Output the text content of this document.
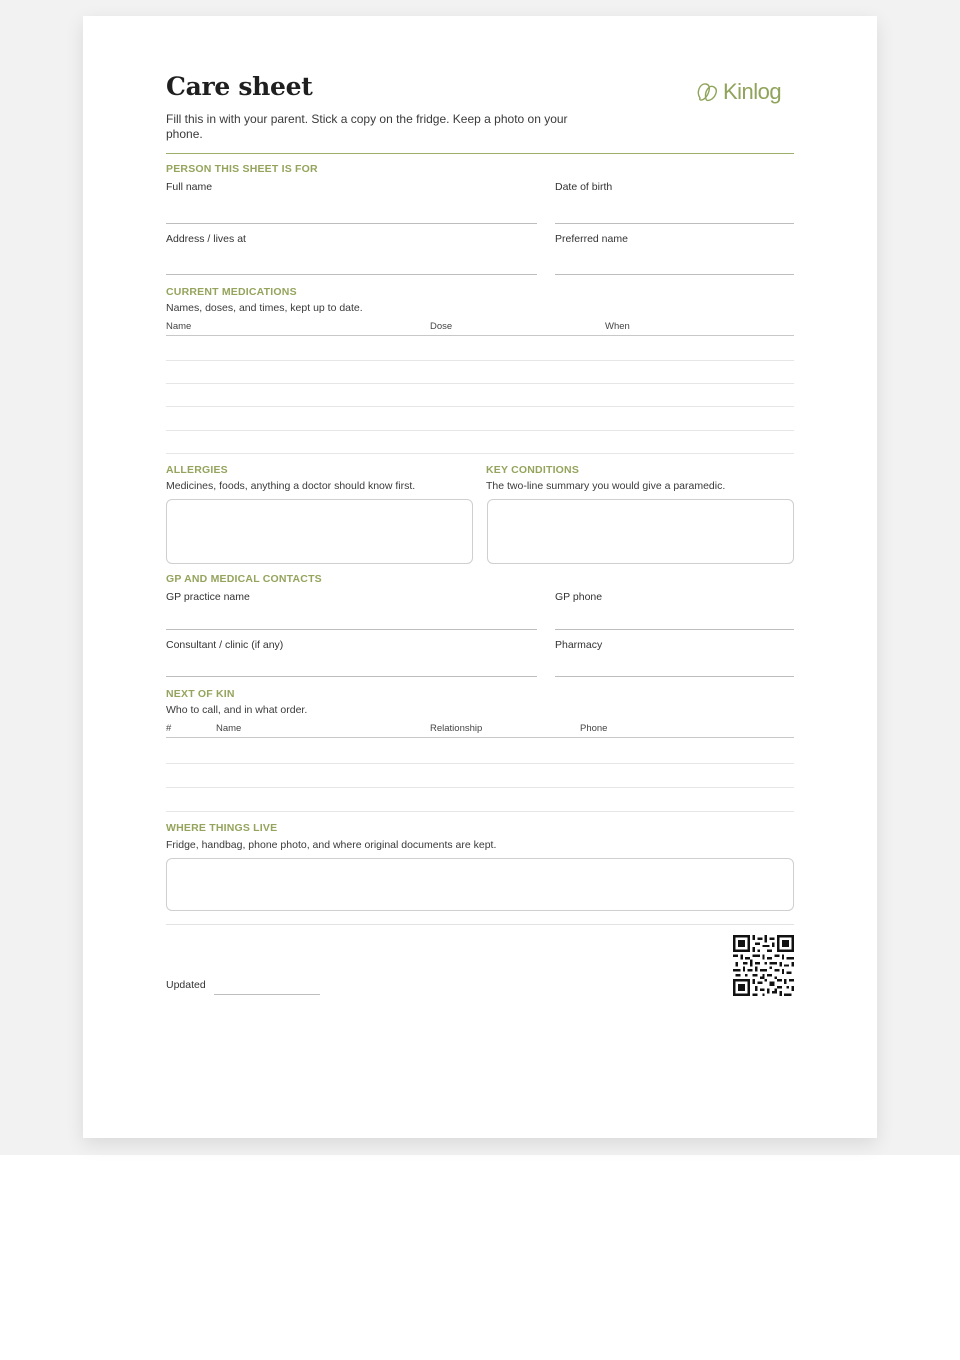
Care sheet
Fill this in with your parent. Stick a copy on the fridge. Keep a photo on your phone.
Kinlog
PERSON THIS SHEET IS FOR
Full name	Date of birth
Address / lives at	Preferred name
CURRENT MEDICATIONS
Names, doses, and times, kept up to date.
Name	Dose	When
ALLERGIES
Medicines, foods, anything a doctor should know first.
KEY CONDITIONS
The two-line summary you would give a paramedic.
GP AND MEDICAL CONTACTS
GP practice name	GP phone
Consultant / clinic (if any)	Pharmacy
NEXT OF KIN
Who to call, and in what order.
#	Name	Relationship	Phone
WHERE THINGS LIVE
Fridge, handbag, phone photo, and where original documents are kept.
Updated
